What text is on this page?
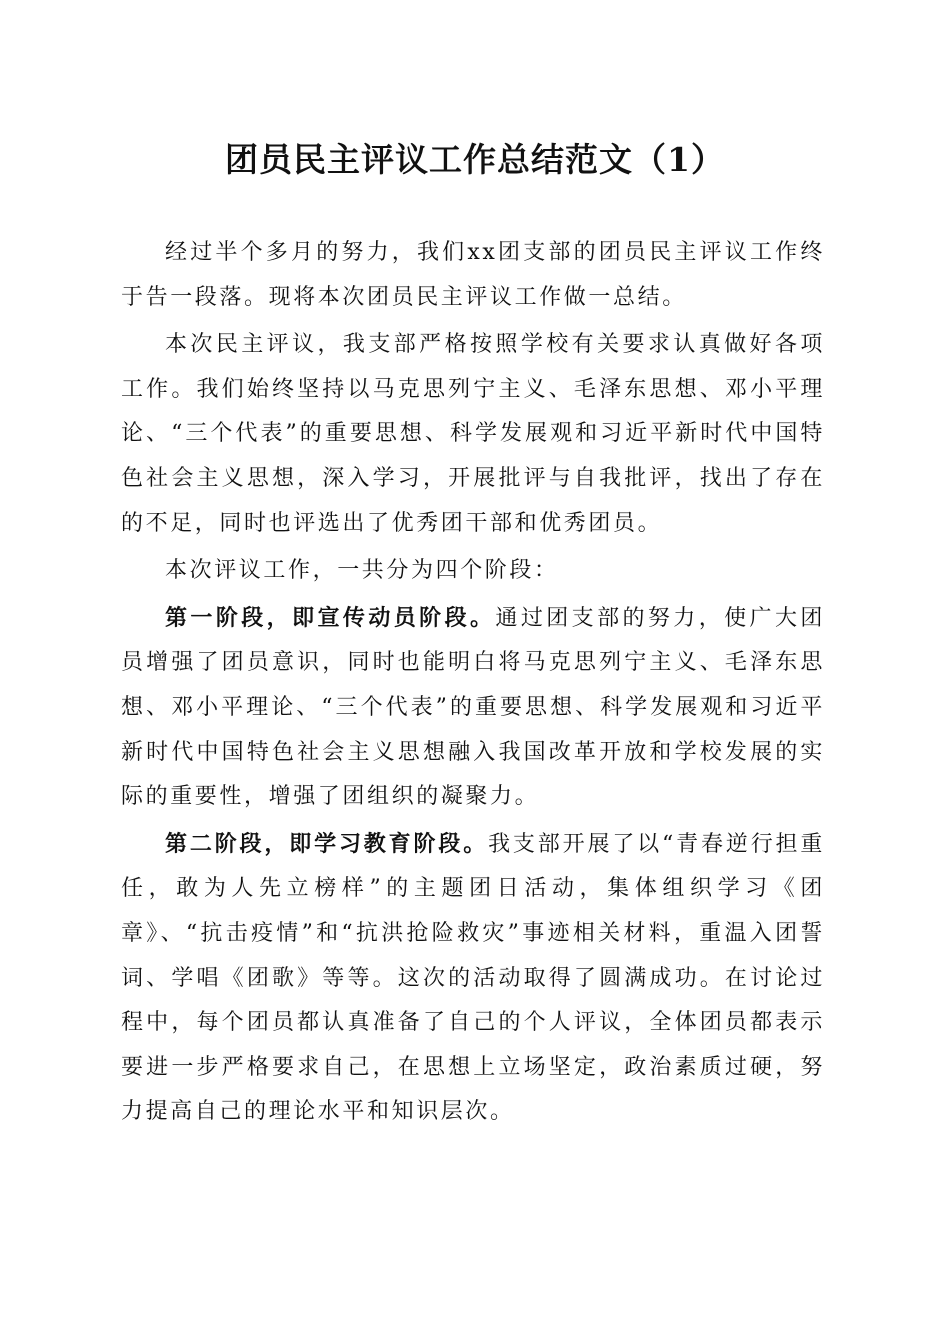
团员民主评议工作总结范文（1）

经过半个多月的努力，我们xx团支部的团员民主评议工作终于告一段落。现将本次团员民主评议工作做一总结。

本次民主评议，我支部严格按照学校有关要求认真做好各项工作。我们始终坚持以马克思列宁主义、毛泽东思想、邓小平理论、“三个代表”的重要思想、科学发展观和习近平新时代中国特色社会主义思想，深入学习，开展批评与自我批评，找出了存在的不足，同时也评选出了优秀团干部和优秀团员。

本次评议工作，一共分为四个阶段：

第一阶段，即宣传动员阶段。通过团支部的努力，使广大团员增强了团员意识，同时也能明白将马克思列宁主义、毛泽东思想、邓小平理论、“三个代表”的重要思想、科学发展观和习近平新时代中国特色社会主义思想融入我国改革开放和学校发展的实际的重要性，增强了团组织的凝聚力。

第二阶段，即学习教育阶段。我支部开展了以“青春逆行担重任，敢为人先立榜样”的主题团日活动，集体组织学习《团章》、“抗击疫情”和“抗洪抢险救灾”事迹相关材料，重温入团誓词、学唱《团歌》等等。这次的活动取得了圆满成功。在讨论过程中，每个团员都认真准备了自己的个人评议，全体团员都表示要进一步严格要求自己，在思想上立场坚定，政治素质过硬，努力提高自己的理论水平和知识层次。
